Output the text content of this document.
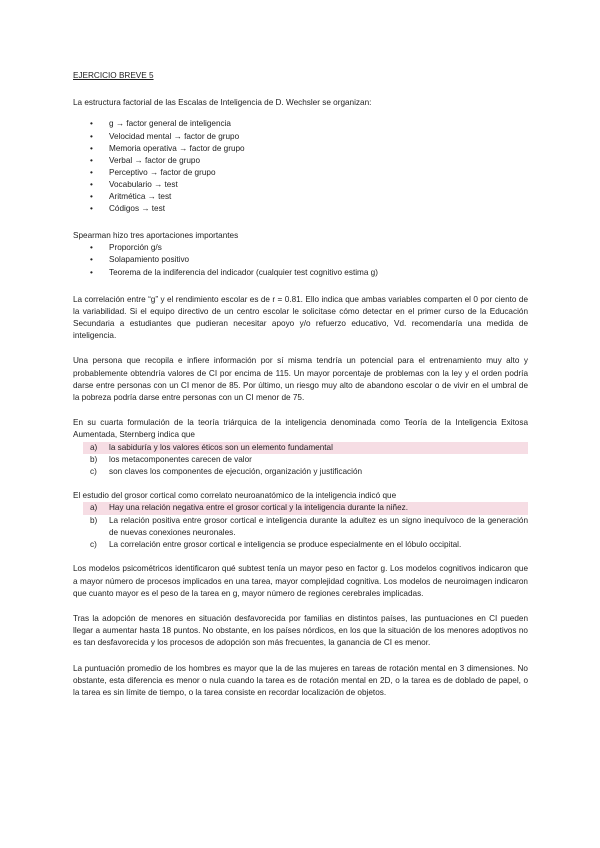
EJERCICIO BREVE 5

La estructura factorial de las Escalas de Inteligencia de D. Wechsler se organizan:

• g → factor general de inteligencia
• Velocidad mental → factor de grupo
• Memoria operativa → factor de grupo
• Verbal → factor de grupo
• Perceptivo → factor de grupo
• Vocabulario → test
• Aritmética → test
• Códigos → test

Spearman hizo tres aportaciones importantes

• Proporción g/s
• Solapamiento positivo
• Teorema de la indiferencia del indicador (cualquier test cognitivo estima g)

La correlación entre “g” y el rendimiento escolar es de r = 0.81. Ello indica que ambas variables comparten el 0 por ciento de la variabilidad. Si el equipo directivo de un centro escolar le solicitase cómo detectar en el primer curso de la Educación Secundaria a estudiantes que pudieran necesitar apoyo y/o refuerzo educativo, Vd. recomendaría una medida de inteligencia.

Una persona que recopila e infiere información por sí misma tendría un potencial para el entrenamiento muy alto y probablemente obtendría valores de CI por encima de 115. Un mayor porcentaje de problemas con la ley y el orden podría darse entre personas con un CI menor de 85. Por último, un riesgo muy alto de abandono escolar o de vivir en el umbral de la pobreza podría darse entre personas con un CI menor de 75.

En su cuarta formulación de la teoría triárquica de la inteligencia denominada como Teoría de la Inteligencia Exitosa Aumentada, Sternberg indica que

a) la sabiduría y los valores éticos son un elemento fundamental
b) los metacomponentes carecen de valor
c) son claves los componentes de ejecución, organización y justificación

El estudio del grosor cortical como correlato neuroanatómico de la inteligencia indicó que

a) Hay una relación negativa entre el grosor cortical y la inteligencia durante la niñez.
b) La relación positiva entre grosor cortical e inteligencia durante la adultez es un signo inequívoco de la generación de nuevas conexiones neuronales.
c) La correlación entre grosor cortical e inteligencia se produce especialmente en el lóbulo occipital.

Los modelos psicométricos identificaron qué subtest tenía un mayor peso en factor g. Los modelos cognitivos indicaron que a mayor número de procesos implicados en una tarea, mayor complejidad cognitiva. Los modelos de neuroimagen indicaron que cuanto mayor es el peso de la tarea en g, mayor número de regiones cerebrales implicadas.

Tras la adopción de menores en situación desfavorecida por familias en distintos países, las puntuaciones en CI pueden llegar a aumentar hasta 18 puntos. No obstante, en los países nórdicos, en los que la situación de los menores adoptivos no es tan desfavorecida y los procesos de adopción son más frecuentes, la ganancia de CI es menor.

La puntuación promedio de los hombres es mayor que la de las mujeres en tareas de rotación mental en 3 dimensiones. No obstante, esta diferencia es menor o nula cuando la tarea es de rotación mental en 2D, o la tarea es de doblado de papel, o la tarea es sin límite de tiempo, o la tarea consiste en recordar localización de objetos.
